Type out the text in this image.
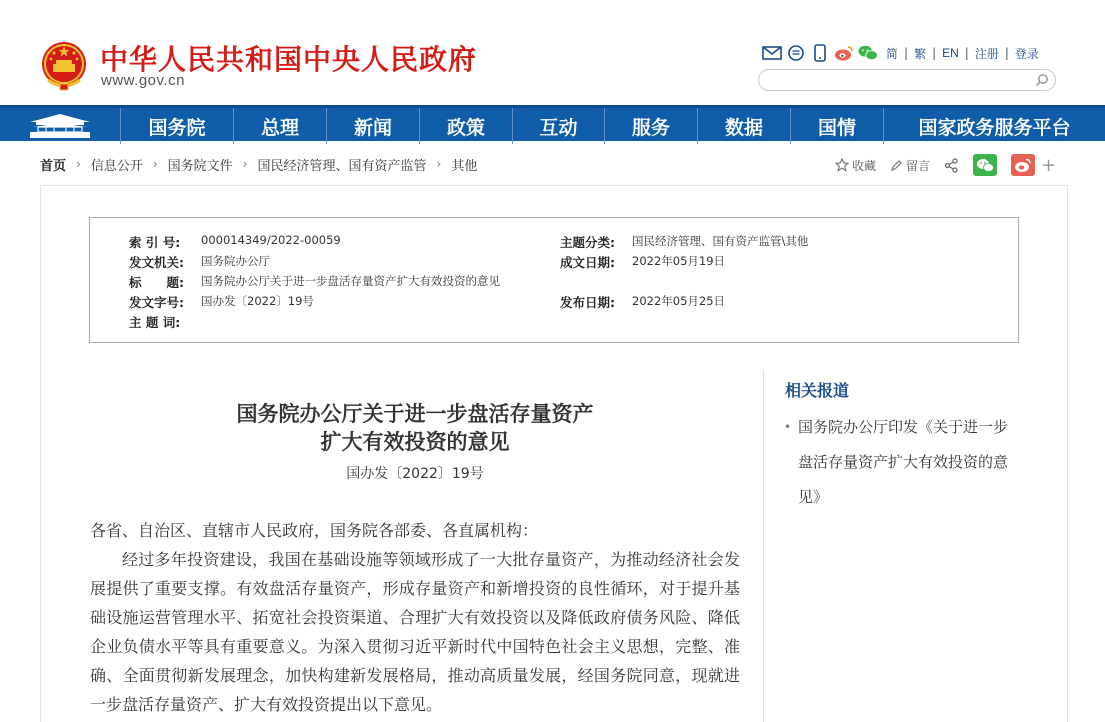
中华人民共和国中央人民政府
www.gov.cn
简 | 繁 | EN | 注册 | 登录
国务院	总理	新闻	政策	互动	服务	数据	国情	国家政务服务平台
首页 › 信息公开 › 国务院文件 › 国民经济管理、国有资产监管 › 其他	收藏	留言	+
索 引 号:	000014349/2022-00059
发文机关:	国务院办公厅
标　　题:	国务院办公厅关于进一步盘活存量资产扩大有效投资的意见
发文字号:	国办发〔2022〕19号
主 题 词:
主题分类:	国民经济管理、国有资产监管\其他
成文日期:	2022年05月19日
发布日期:	2022年05月25日
国务院办公厅关于进一步盘活存量资产
扩大有效投资的意见
国办发〔2022〕19号
各省、自治区、直辖市人民政府，国务院各部委、各直属机构：
经过多年投资建设，我国在基础设施等领域形成了一大批存量资产，为推动经济社会发展提供了重要支撑。有效盘活存量资产，形成存量资产和新增投资的良性循环，对于提升基础设施运营管理水平、拓宽社会投资渠道、合理扩大有效投资以及降低政府债务风险、降低企业负债水平等具有重要意义。为深入贯彻习近平新时代中国特色社会主义思想，完整、准确、全面贯彻新发展理念，加快构建新发展格局，推动高质量发展，经国务院同意，现就进一步盘活存量资产、扩大有效投资提出以下意见。
相关报道
• 国务院办公厅印发《关于进一步盘活存量资产扩大有效投资的意见》
